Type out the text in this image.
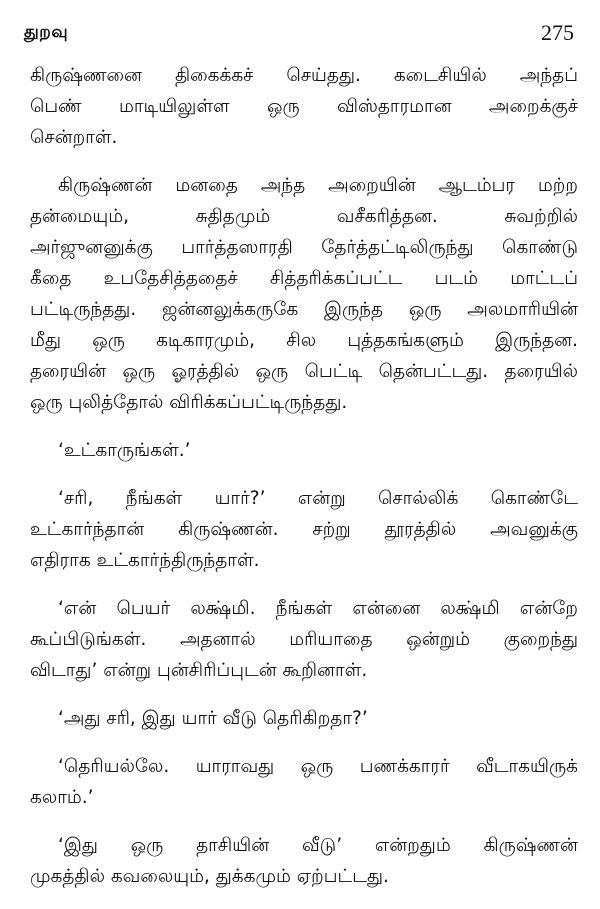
துறவு	275
கிருஷ்ணனை திகைக்கச் செய்தது. கடைசியில் அந்தப்
பெண் மாடியிலுள்ள ஒரு விஸ்தாரமான அறைக்குச்
சென்றாள்.
கிருஷ்ணன் மனதை அந்த அறையின் ஆடம்பர மற்ற
தன்மையும், சுதிதமும் வசீகரித்தன. சுவற்றில்
அர்ஜுனனுக்கு பார்த்தஸாரதி தேர்த்தட்டிலிருந்து கொண்டு
கீதை உபதேசித்ததைச் சித்தரிக்கப்பட்ட படம் மாட்டப்
பட்டிருந்தது. ஜன்னலுக்கருகே இருந்த ஒரு அலமாரியின்
மீது ஒரு கடிகாரமும், சில புத்தகங்களும் இருந்தன.
தரையின் ஒரு ஓரத்தில் ஒரு பெட்டி தென்பட்டது. தரையில்
ஒரு புலித்தோல் விரிக்கப்பட்டிருந்தது.
‘உட்காருங்கள்.’
‘சரி, நீங்கள் யார்?’ என்று சொல்லிக் கொண்டே
உட்கார்ந்தான் கிருஷ்ணன். சற்று தூரத்தில் அவனுக்கு
எதிராக உட்கார்ந்திருந்தாள்.
‘என் பெயர் லக்ஷ்மி. நீங்கள் என்னை லக்ஷ்மி என்றே
கூப்பிடுங்கள். அதனால் மரியாதை ஒன்றும் குறைந்து
விடாது’ என்று புன்சிரிப்புடன் கூறினாள்.
‘அது சரி, இது யார் வீடு தெரிகிறதா?’
‘தெரியல்லே. யாராவது ஒரு பணக்காரர் வீடாகயிருக்
கலாம்.’
‘இது ஒரு தாசியின் வீடு’ என்றதும் கிருஷ்ணன்
முகத்தில் கவலையும், துக்கமும் ஏற்பட்டது.
